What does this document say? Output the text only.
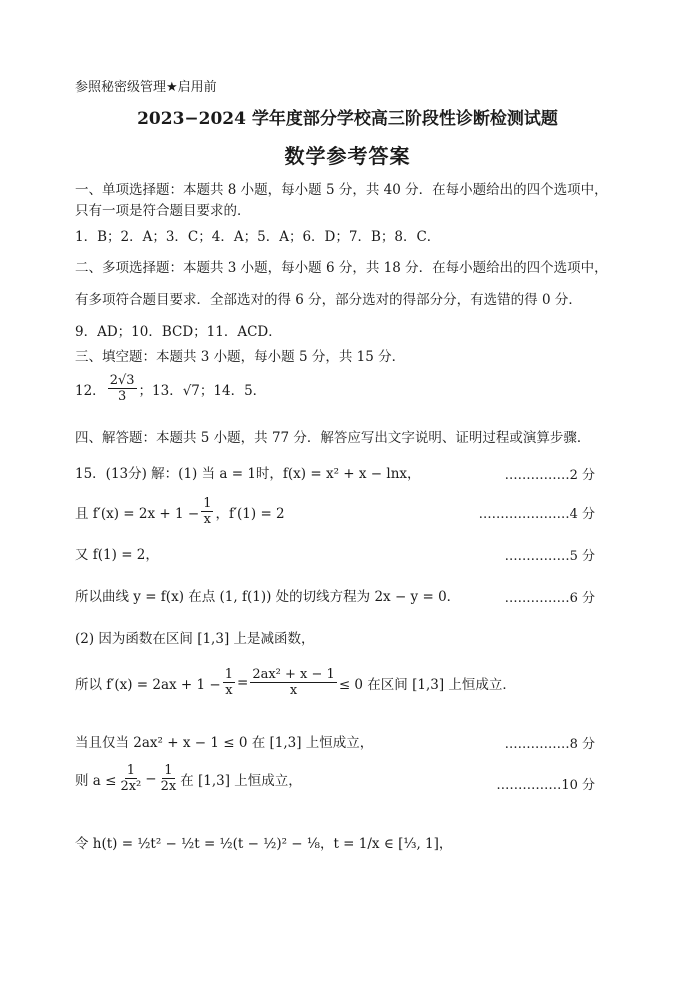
参照秘密级管理★启用前
2023−2024 学年度部分学校高三阶段性诊断检测试题
数学参考答案
一、单项选择题：本题共 8 小题，每小题 5 分，共 40 分．在每小题给出的四个选项中，
只有一项是符合题目要求的．
1．B；2．A；3．C；4．A；5．A；6．D；7．B；8．C．
二、多项选择题：本题共 3 小题，每小题 6 分，共 18 分．在每小题给出的四个选项中，
有多项符合题目要求．全部选对的得 6 分，部分选对的得部分分，有选错的得 0 分．
9．AD；10．BCD；11．ACD．
三、填空题：本题共 3 小题，每小题 5 分，共 15 分．
12． $\frac{2√3}{3}$ ；13．√7；14．5．
四、解答题：本题共 5 小题，共 77 分．解答应写出文字说明、证明过程或演算步骤．
15．(13分) 解：(1) 当 a = 1时，f(x) = x² + x − lnx，	……………2 分
且 $f'(x) = 2x + 1 - \frac{1}{x}$ ，f′(1) = 2	…………………4 分
又 f(1) = 2，	……………5 分
所以曲线 y = f(x) 在点 (1, f(1)) 处的切线方程为 2x − y = 0．	……………6 分
(2) 因为函数在区间 [1,3] 上是减函数，
所以 $f'(x) = 2ax + 1 - \frac{1}{x} = \frac{\text{2ax² + x − 1}}{x} \le 0$ 在区间 [1,3] 上恒成立．
当且仅当 2ax² + x − 1 ≤ 0 在 [1,3] 上恒成立，	……………8 分
则 $a \le \frac{1}{\text{2x²}} - \frac{1}{2x}$ 在 [1,3] 上恒成立，	……………10 分
令 h(t) = ½t² − ½t = ½(t − ½)² − ⅛，t = 1/x ∈ [⅓, 1]，
